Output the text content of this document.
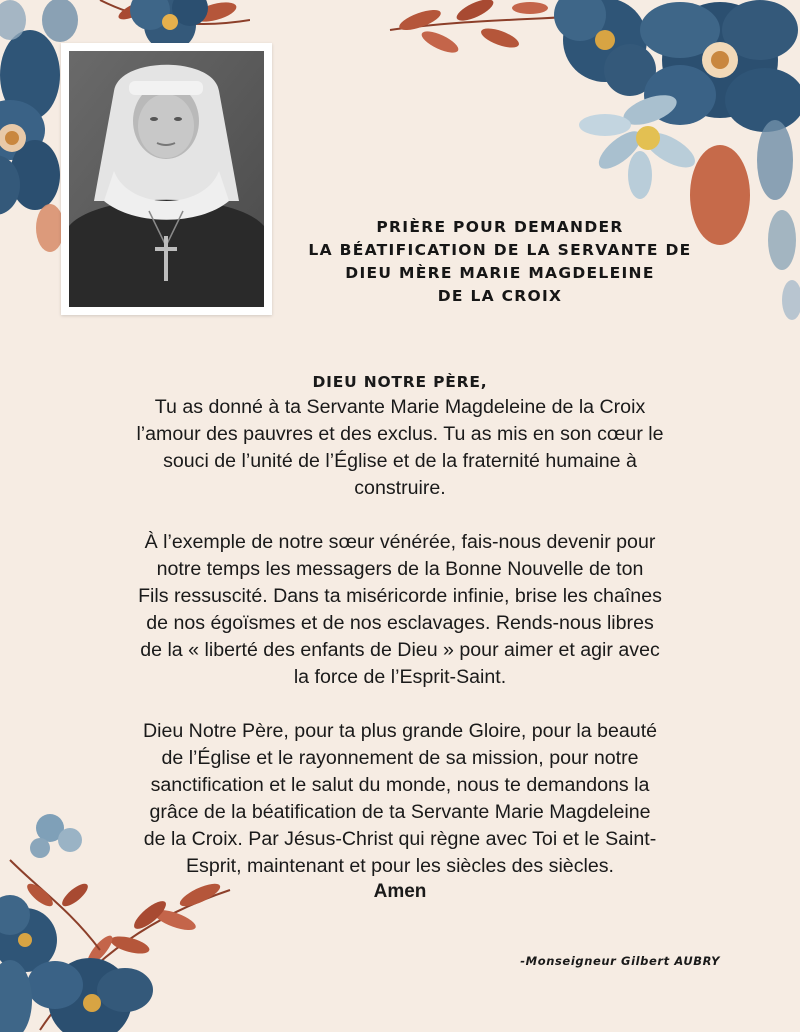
PRIÈRE POUR DEMANDER
LA BÉATIFICATION DE LA SERVANTE DE
DIEU MÈRE MARIE MAGDELEINE
DE LA CROIX
DIEU NOTRE PÈRE,
Tu as donné à ta Servante Marie Magdeleine de la Croix
l’amour des pauvres et des exclus. Tu as mis en son cœur le
souci de l’unité de l’Église et de la fraternité humaine à
construire.
À l’exemple de notre sœur vénérée, fais-nous devenir pour
notre temps les messagers de la Bonne Nouvelle de ton
Fils ressuscité. Dans ta miséricorde infinie, brise les chaînes
de nos égoïsmes et de nos esclavages. Rends-nous libres
de la « liberté des enfants de Dieu » pour aimer et agir avec
la force de l’Esprit-Saint.
Dieu Notre Père, pour ta plus grande Gloire, pour la beauté
de l’Église et le rayonnement de sa mission, pour notre
sanctification et le salut du monde, nous te demandons la
grâce de la béatification de ta Servante Marie Magdeleine
de la Croix. Par Jésus-Christ qui règne avec Toi et le Saint-
Esprit, maintenant et pour les siècles des siècles.
Amen
-Monseigneur Gilbert AUBRY
